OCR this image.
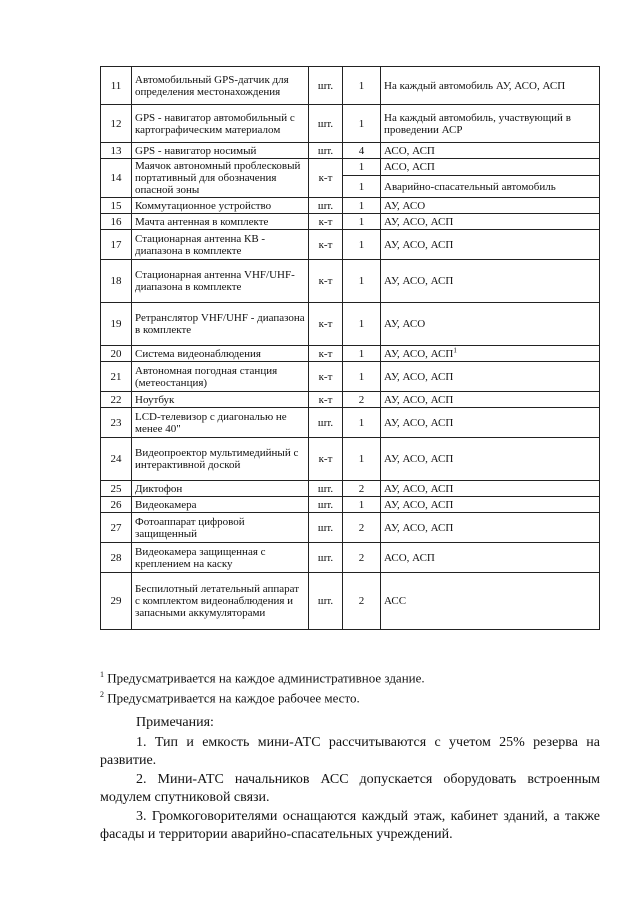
11	Автомобильный GPS-датчик для определения местонахождения	шт.	1	На каждый автомобиль АУ, АСО, АСП
12	GPS - навигатор автомобильный с картографическим материалом	шт.	1	На каждый автомобиль, участвующий в проведении АСР
13	GPS - навигатор носимый	шт.	4	АСО, АСП
14	Маячок автономный проблесковый портативный для обозначения опасной зоны	к-т	1	АСО, АСП
			1	Аварийно-спасательный автомобиль
15	Коммутационное устройство	шт.	1	АУ, АСО
16	Мачта антенная в комплекте	к-т	1	АУ, АСО, АСП
17	Стационарная антенна КВ - диапазона в комплекте	к-т	1	АУ, АСО, АСП
18	Стационарная антенна VHF/UHF- диапазона в комплекте	к-т	1	АУ, АСО, АСП
19	Ретранслятор VHF/UHF - диапазона в комплекте	к-т	1	АУ, АСО
20	Система видеонаблюдения	к-т	1	АУ, АСО, АСП$^1$
21	Автономная погодная станция (метеостанция)	к-т	1	АУ, АСО, АСП
22	Ноутбук	к-т	2	АУ, АСО, АСП
23	LCD-телевизор с диагональю не менее 40"	шт.	1	АУ, АСО, АСП
24	Видеопроектор мультимедийный с интерактивной доской	к-т	1	АУ, АСО, АСП
25	Диктофон	шт.	2	АУ, АСО, АСП
26	Видеокамера	шт.	1	АУ, АСО, АСП
27	Фотоаппарат цифровой защищенный	шт.	2	АУ, АСО, АСП
28	Видеокамера защищенная с креплением на каску	шт.	2	АСО, АСП
29	Беспилотный летательный аппарат с комплектом видеонаблюдения и запасными аккумуляторами	шт.	2	АСС
$^1$ Предусматривается на каждое административное здание.
$^2$ Предусматривается на каждое рабочее место.
Примечания:

1. Тип и емкость мини-АТС рассчитываются с учетом 25% резерва на развитие.

2. Мини-АТС начальников АСС допускается оборудовать встроенным модулем спутниковой связи.

3. Громкоговорителями оснащаются каждый этаж, кабинет зданий, а также фасады и территории аварийно-спасательных учреждений.
